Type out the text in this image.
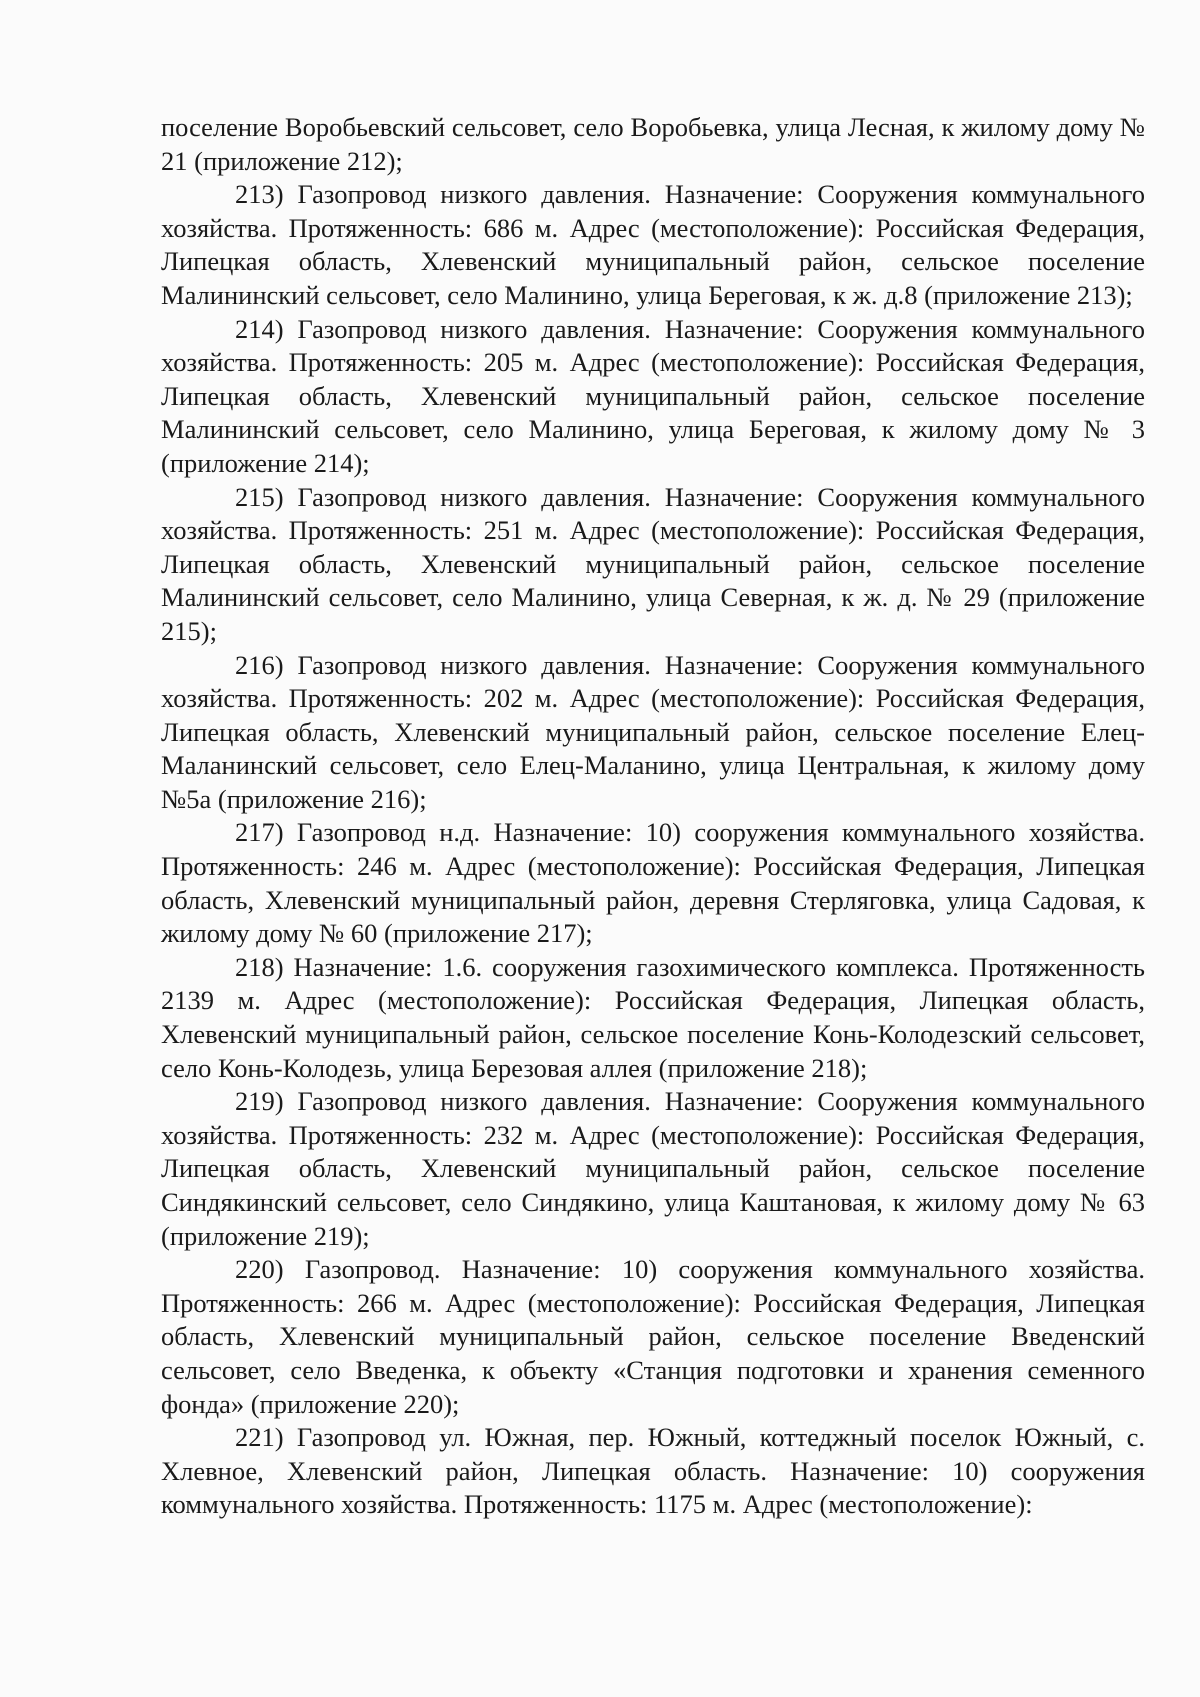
поселение Воробьевский сельсовет, село Воробьевка, улица Лесная, к жилому дому № 21 (приложение 212);

213) Газопровод низкого давления. Назначение: Сооружения коммунального хозяйства. Протяженность: 686 м. Адрес (местоположение): Российская Федерация, Липецкая область, Хлевенский муниципальный район, сельское поселение Малининский сельсовет, село Малинино, улица Береговая, к ж. д.8 (приложение 213);

214) Газопровод низкого давления. Назначение: Сооружения коммунального хозяйства. Протяженность: 205 м. Адрес (местоположение): Российская Федерация, Липецкая область, Хлевенский муниципальный район, сельское поселение Малининский сельсовет, село Малинино, улица Береговая, к жилому дому № 3 (приложение 214);

215) Газопровод низкого давления. Назначение: Сооружения коммунального хозяйства. Протяженность: 251 м. Адрес (местоположение): Российская Федерация, Липецкая область, Хлевенский муниципальный район, сельское поселение Малининский сельсовет, село Малинино, улица Северная, к ж. д. № 29 (приложение 215);

216) Газопровод низкого давления. Назначение: Сооружения коммунального хозяйства. Протяженность: 202 м. Адрес (местоположение): Российская Федерация, Липецкая область, Хлевенский муниципальный район, сельское поселение Елец-Маланинский сельсовет, село Елец-Маланино, улица Центральная, к жилому дому №5а (приложение 216);

217) Газопровод н.д. Назначение: 10) сооружения коммунального хозяйства. Протяженность: 246 м. Адрес (местоположение): Российская Федерация, Липецкая область, Хлевенский муниципальный район, деревня Стерляговка, улица Садовая, к жилому дому № 60 (приложение 217);

218) Назначение: 1.6. сооружения газохимического комплекса. Протяженность 2139 м. Адрес (местоположение): Российская Федерация, Липецкая область, Хлевенский муниципальный район, сельское поселение Конь-Колодезский сельсовет, село Конь-Колодезь, улица Березовая аллея (приложение 218);

219) Газопровод низкого давления. Назначение: Сооружения коммунального хозяйства. Протяженность: 232 м. Адрес (местоположение): Российская Федерация, Липецкая область, Хлевенский муниципальный район, сельское поселение Синдякинский сельсовет, село Синдякино, улица Каштановая, к жилому дому № 63 (приложение 219);

220) Газопровод. Назначение: 10) сооружения коммунального хозяйства. Протяженность: 266 м. Адрес (местоположение): Российская Федерация, Липецкая область, Хлевенский муниципальный район, сельское поселение Введенский сельсовет, село Введенка, к объекту «Станция подготовки и хранения семенного фонда» (приложение 220);

221) Газопровод ул. Южная, пер. Южный, коттеджный поселок Южный, с. Хлевное, Хлевенский район, Липецкая область. Назначение: 10) сооружения коммунального хозяйства. Протяженность: 1175 м. Адрес (местоположение):
